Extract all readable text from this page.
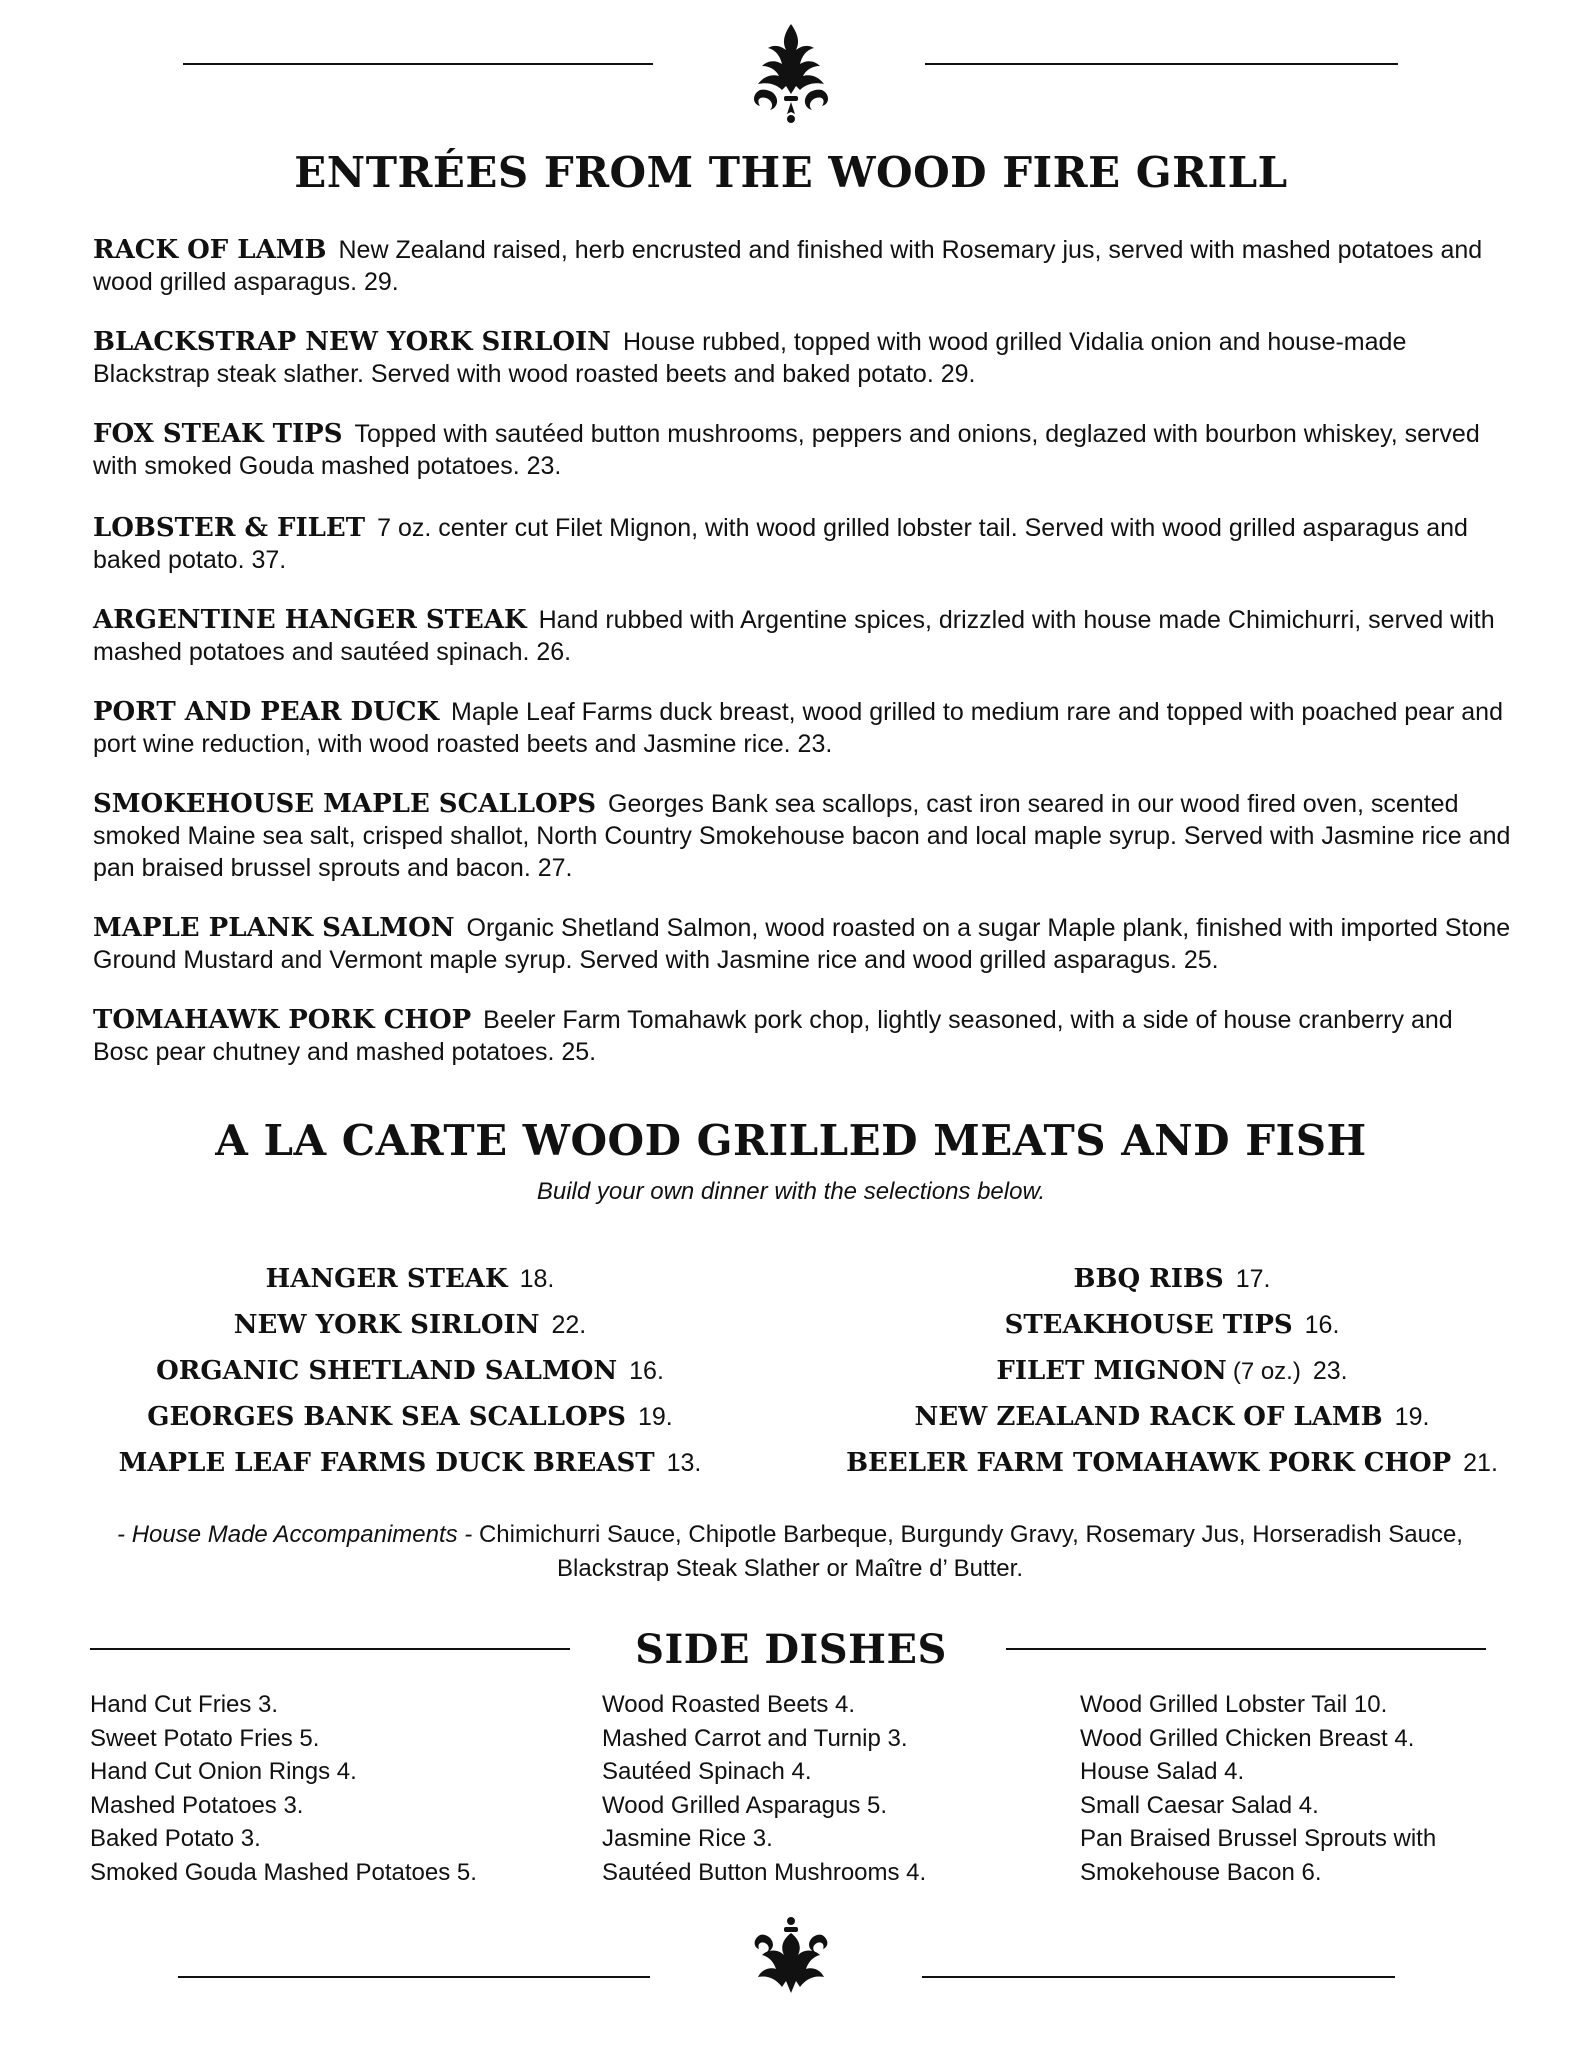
ENTRÉES FROM THE WOOD FIRE GRILL

RACK OF LAMB New Zealand raised, herb encrusted and finished with Rosemary jus, served with mashed potatoes and wood grilled asparagus. 29.

BLACKSTRAP NEW YORK SIRLOIN House rubbed, topped with wood grilled Vidalia onion and house-made Blackstrap steak slather. Served with wood roasted beets and baked potato. 29.

FOX STEAK TIPS Topped with sautéed button mushrooms, peppers and onions, deglazed with bourbon whiskey, served with smoked Gouda mashed potatoes. 23.

LOBSTER & FILET 7 oz. center cut Filet Mignon, with wood grilled lobster tail. Served with wood grilled asparagus and baked potato. 37.

ARGENTINE HANGER STEAK Hand rubbed with Argentine spices, drizzled with house made Chimichurri, served with mashed potatoes and sautéed spinach. 26.

PORT AND PEAR DUCK Maple Leaf Farms duck breast, wood grilled to medium rare and topped with poached pear and port wine reduction, with wood roasted beets and Jasmine rice. 23.

SMOKEHOUSE MAPLE SCALLOPS Georges Bank sea scallops, cast iron seared in our wood fired oven, scented smoked Maine sea salt, crisped shallot, North Country Smokehouse bacon and local maple syrup. Served with Jasmine rice and pan braised brussel sprouts and bacon. 27.

MAPLE PLANK SALMON Organic Shetland Salmon, wood roasted on a sugar Maple plank, finished with imported Stone Ground Mustard and Vermont maple syrup. Served with Jasmine rice and wood grilled asparagus. 25.

TOMAHAWK PORK CHOP Beeler Farm Tomahawk pork chop, lightly seasoned, with a side of house cranberry and Bosc pear chutney and mashed potatoes. 25.

A LA CARTE WOOD GRILLED MEATS AND FISH

Build your own dinner with the selections below.

HANGER STEAK 18.
NEW YORK SIRLOIN 22.
ORGANIC SHETLAND SALMON 16.
GEORGES BANK SEA SCALLOPS 19.
MAPLE LEAF FARMS DUCK BREAST 13.
BBQ RIBS 17.
STEAKHOUSE TIPS 16.
FILET MIGNON (7 oz.) 23.
NEW ZEALAND RACK OF LAMB 19.
BEELER FARM TOMAHAWK PORK CHOP 21.

- House Made Accompaniments - Chimichurri Sauce, Chipotle Barbeque, Burgundy Gravy, Rosemary Jus, Horseradish Sauce, Blackstrap Steak Slather or Maître d’ Butter.

SIDE DISHES
Hand Cut Fries 3.
Sweet Potato Fries 5.
Hand Cut Onion Rings 4.
Mashed Potatoes 3.
Baked Potato 3.
Smoked Gouda Mashed Potatoes 5.
Wood Roasted Beets 4.
Mashed Carrot and Turnip 3.
Sautéed Spinach 4.
Wood Grilled Asparagus 5.
Jasmine Rice 3.
Sautéed Button Mushrooms 4.
Wood Grilled Lobster Tail 10.
Wood Grilled Chicken Breast 4.
House Salad 4.
Small Caesar Salad 4.
Pan Braised Brussel Sprouts with
Smokehouse Bacon 6.
